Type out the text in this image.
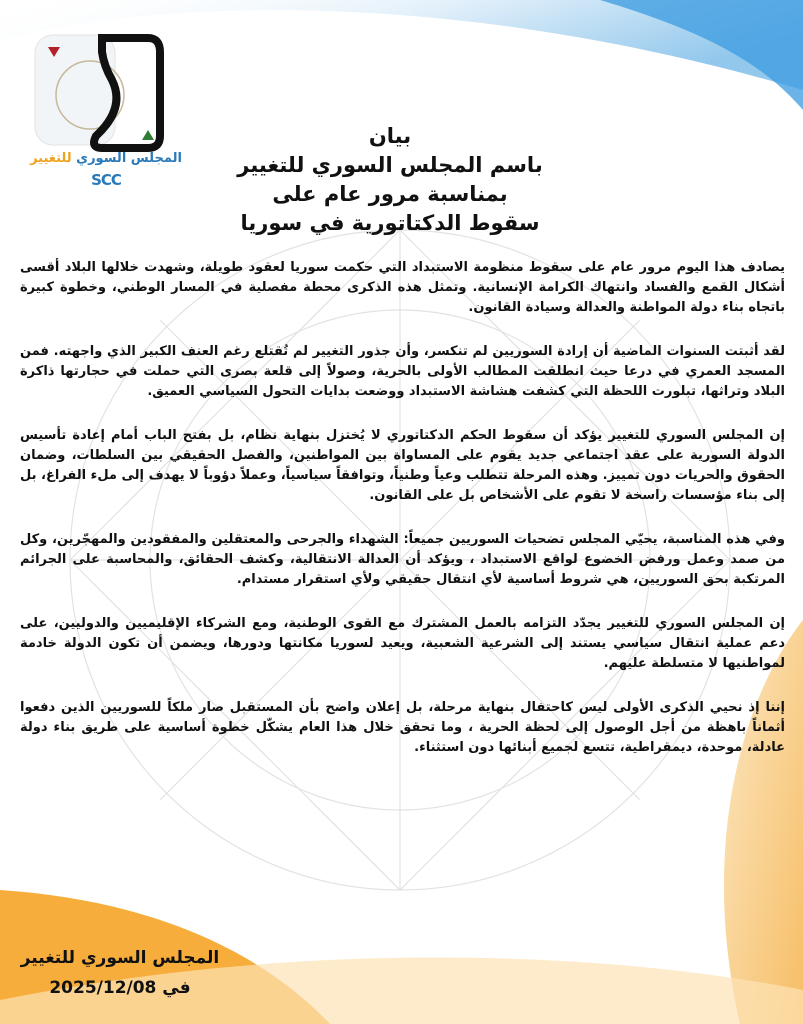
المجلس السوري للتغيير
SCC
بيان
باسم المجلس السوري للتغيير
بمناسبة مرور عام على
سقوط الدكتاتورية في سوريا

يصادف هذا اليوم مرور عام على سقوط منظومة الاستبداد التي حكمت سوريا لعقود طويلة، وشهدت خلالها البلاد أقسى أشكال القمع والفساد وانتهاك الكرامة الإنسانية. وتمثل هذه الذكرى محطة مفصلية في المسار الوطني، وخطوة كبيرة باتجاه بناء دولة المواطنة والعدالة وسيادة القانون.

لقد أثبتت السنوات الماضية أن إرادة السوريين لم تنكسر، وأن جذور التغيير لم تُقتلع رغم العنف الكبير الذي واجهته. فمن المسجد العمري في درعا حيث انطلقت المطالب الأولى بالحرية، وصولاً إلى قلعة بصرى التي حملت في حجارتها ذاكرة البلاد وتراثها، تبلورت اللحظة التي كشفت هشاشة الاستبداد ووضعت بدايات التحول السياسي العميق.

إن المجلس السوري للتغيير يؤكد أن سقوط الحكم الدكتاتوري لا يُختزل بنهاية نظام، بل بفتح الباب أمام إعادة تأسيس الدولة السورية على عقد اجتماعي جديد يقوم على المساواة بين المواطنين، والفصل الحقيقي بين السلطات، وضمان الحقوق والحريات دون تمييز. وهذه المرحلة تتطلب وعياً وطنياً، وتوافقاً سياسياً، وعملاً دؤوباً لا يهدف إلى ملء الفراغ، بل إلى بناء مؤسسات راسخة لا تقوم على الأشخاص بل على القانون.

وفي هذه المناسبة، يحيّي المجلس تضحيات السوريين جميعاً: الشهداء والجرحى والمعتقلين والمفقودين والمهجّرين، وكل من صمد وعمل ورفض الخضوع لواقع الاستبداد ، ويؤكد أن العدالة الانتقالية، وكشف الحقائق، والمحاسبة على الجرائم المرتكبة بحق السوريين، هي شروط أساسية لأي انتقال حقيقي ولأي استقرار مستدام.

إن المجلس السوري للتغيير يجدّد التزامه بالعمل المشترك مع القوى الوطنية، ومع الشركاء الإقليميين والدوليين، على دعم عملية انتقال سياسي يستند إلى الشرعية الشعبية، ويعيد لسوريا مكانتها ودورها، ويضمن أن تكون الدولة خادمة لمواطنيها لا متسلطة عليهم.

إننا إذ نحيي الذكرى الأولى ليس كاحتفال بنهاية مرحلة، بل إعلان واضح بأن المستقبل صار ملكاً للسوريين الذين دفعوا أثماناً باهظة من أجل الوصول إلى لحظة الحرية ، وما تحقق خلال هذا العام يشكّل خطوة أساسية على طريق بناء دولة عادلة، موحدة، ديمقراطية، تتسع لجميع أبنائها دون استثناء.

المجلس السوري للتغيير
في 2025/12/08
